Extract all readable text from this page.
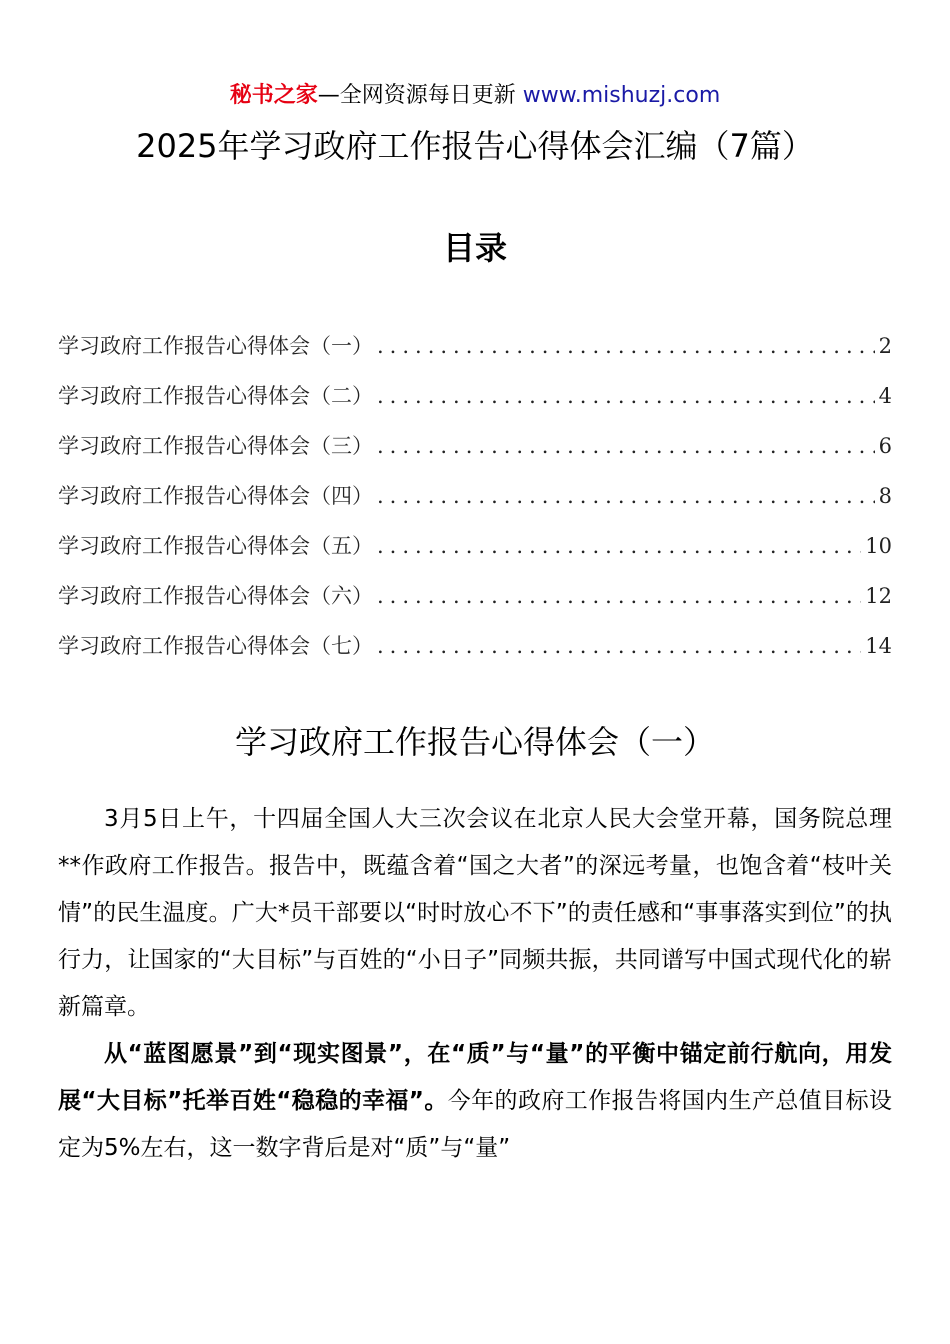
秘书之家—全网资源每日更新 www.mishuzj.com
2025年学习政府工作报告心得体会汇编（7篇）
目录
学习政府工作报告心得体会（一） .....	2
学习政府工作报告心得体会（二） .....	4
学习政府工作报告心得体会（三） .....	6
学习政府工作报告心得体会（四） .....	8
学习政府工作报告心得体会（五） .....	10
学习政府工作报告心得体会（六） .....	12
学习政府工作报告心得体会（七） .....	14
学习政府工作报告心得体会（一）

3月5日上午，十四届全国人大三次会议在北京人民大会堂开幕，国务院总理**作政府工作报告。报告中，既蕴含着“国之大者”的深远考量，也饱含着“枝叶关情”的民生温度。广大*员干部要以“时时放心不下”的责任感和“事事落实到位”的执行力，让国家的“大目标”与百姓的“小日子”同频共振，共同谱写中国式现代化的崭新篇章。

从“蓝图愿景”到“现实图景”，在“质”与“量”的平衡中锚定前行航向，用发展“大目标”托举百姓“稳稳的幸福”。今年的政府工作报告将国内生产总值目标设定为5%左右，这一数字背后是对“质”与“量”
